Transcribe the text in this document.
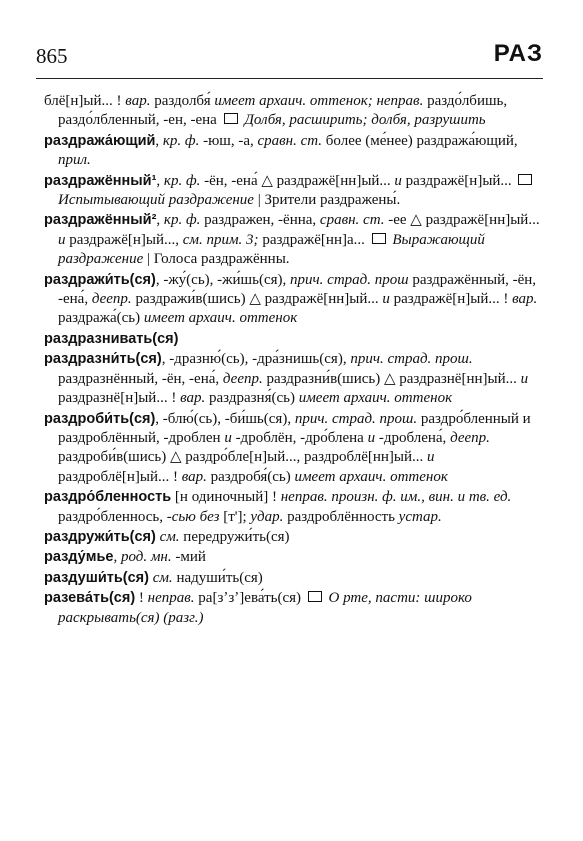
865	РАЗ
блё[н]ый... ! вар. раздолбя́ имеет архаич. оттенок; неправ. раздо́лбишь, раздо́лбленный, -ен, -ена  Долбя, расширить; долбя, разрушить
раздража́ющий, кр. ф. -юш, -а, сравн. ст. более (ме́нее) раздража́ющий, прил.
раздражённый¹, кр. ф. -ён, -ена́ △ раздражё[нн]ый... и раздражё[н]ый...  Испытывающий раздражение | Зрители раздражены́.
раздражённый², кр. ф. раздражен, -ённа, сравн. ст. -ее △ раздражё[нн]ый... и раздражё[н]ый..., см. прим. 3; раздражё[нн]а...  Выражающий раздражение | Голоса раздражённы.
раздражи́ть(ся), -жу́(сь), -жи́шь(ся), прич. страд. прош раздражённый, -ён, -ена́, дееnр. раздражи́в(шись) △ раздражё[нн]ый... и раздражё[н]ый... ! вар. раздража́(сь) имеет архаич. оттенок
раздразнивать(ся)
раздразни́ть(ся), -дразню́(сь), -дра́знишь(ся), прич. страд. прош. раздразнённый, -ён, -ена́, дееnр. раздразни́в(шись) △ раздразнё[нн]ый... и раздразнё[н]ый... ! вар. раздразня́(сь) имеет архаич. оттенок
раздроби́ть(ся), -блю́(сь), -би́шь(ся), прич. страд. прош. раздро́бленный и раздроблённый, -дроблен и -дроблён, -дро́блена и -дроблена́, дееnр. раздроби́в(шись) △ раздро́бле[н]ый..., раздроблё[нн]ый... и раздроблё[н]ый... ! вар. раздробя́(сь) имеет архаич. оттенок
раздро́бленность [н одиночный] ! неправ. произн. ф. им., вин. и тв. ед. раздро́бленнось, -сью без [т']; удар. раздроблённость устар.
раздружи́ть(ся) см. передружи́ть(ся)
разду́мье, род. мн. -мий
раздуши́ть(ся) см. надуши́ть(ся)
разева́ть(ся) ! неправ. ра[зʼзʼ]ева́ть(ся)  О рте, пасти: широко раскрывать(ся) (разг.)
